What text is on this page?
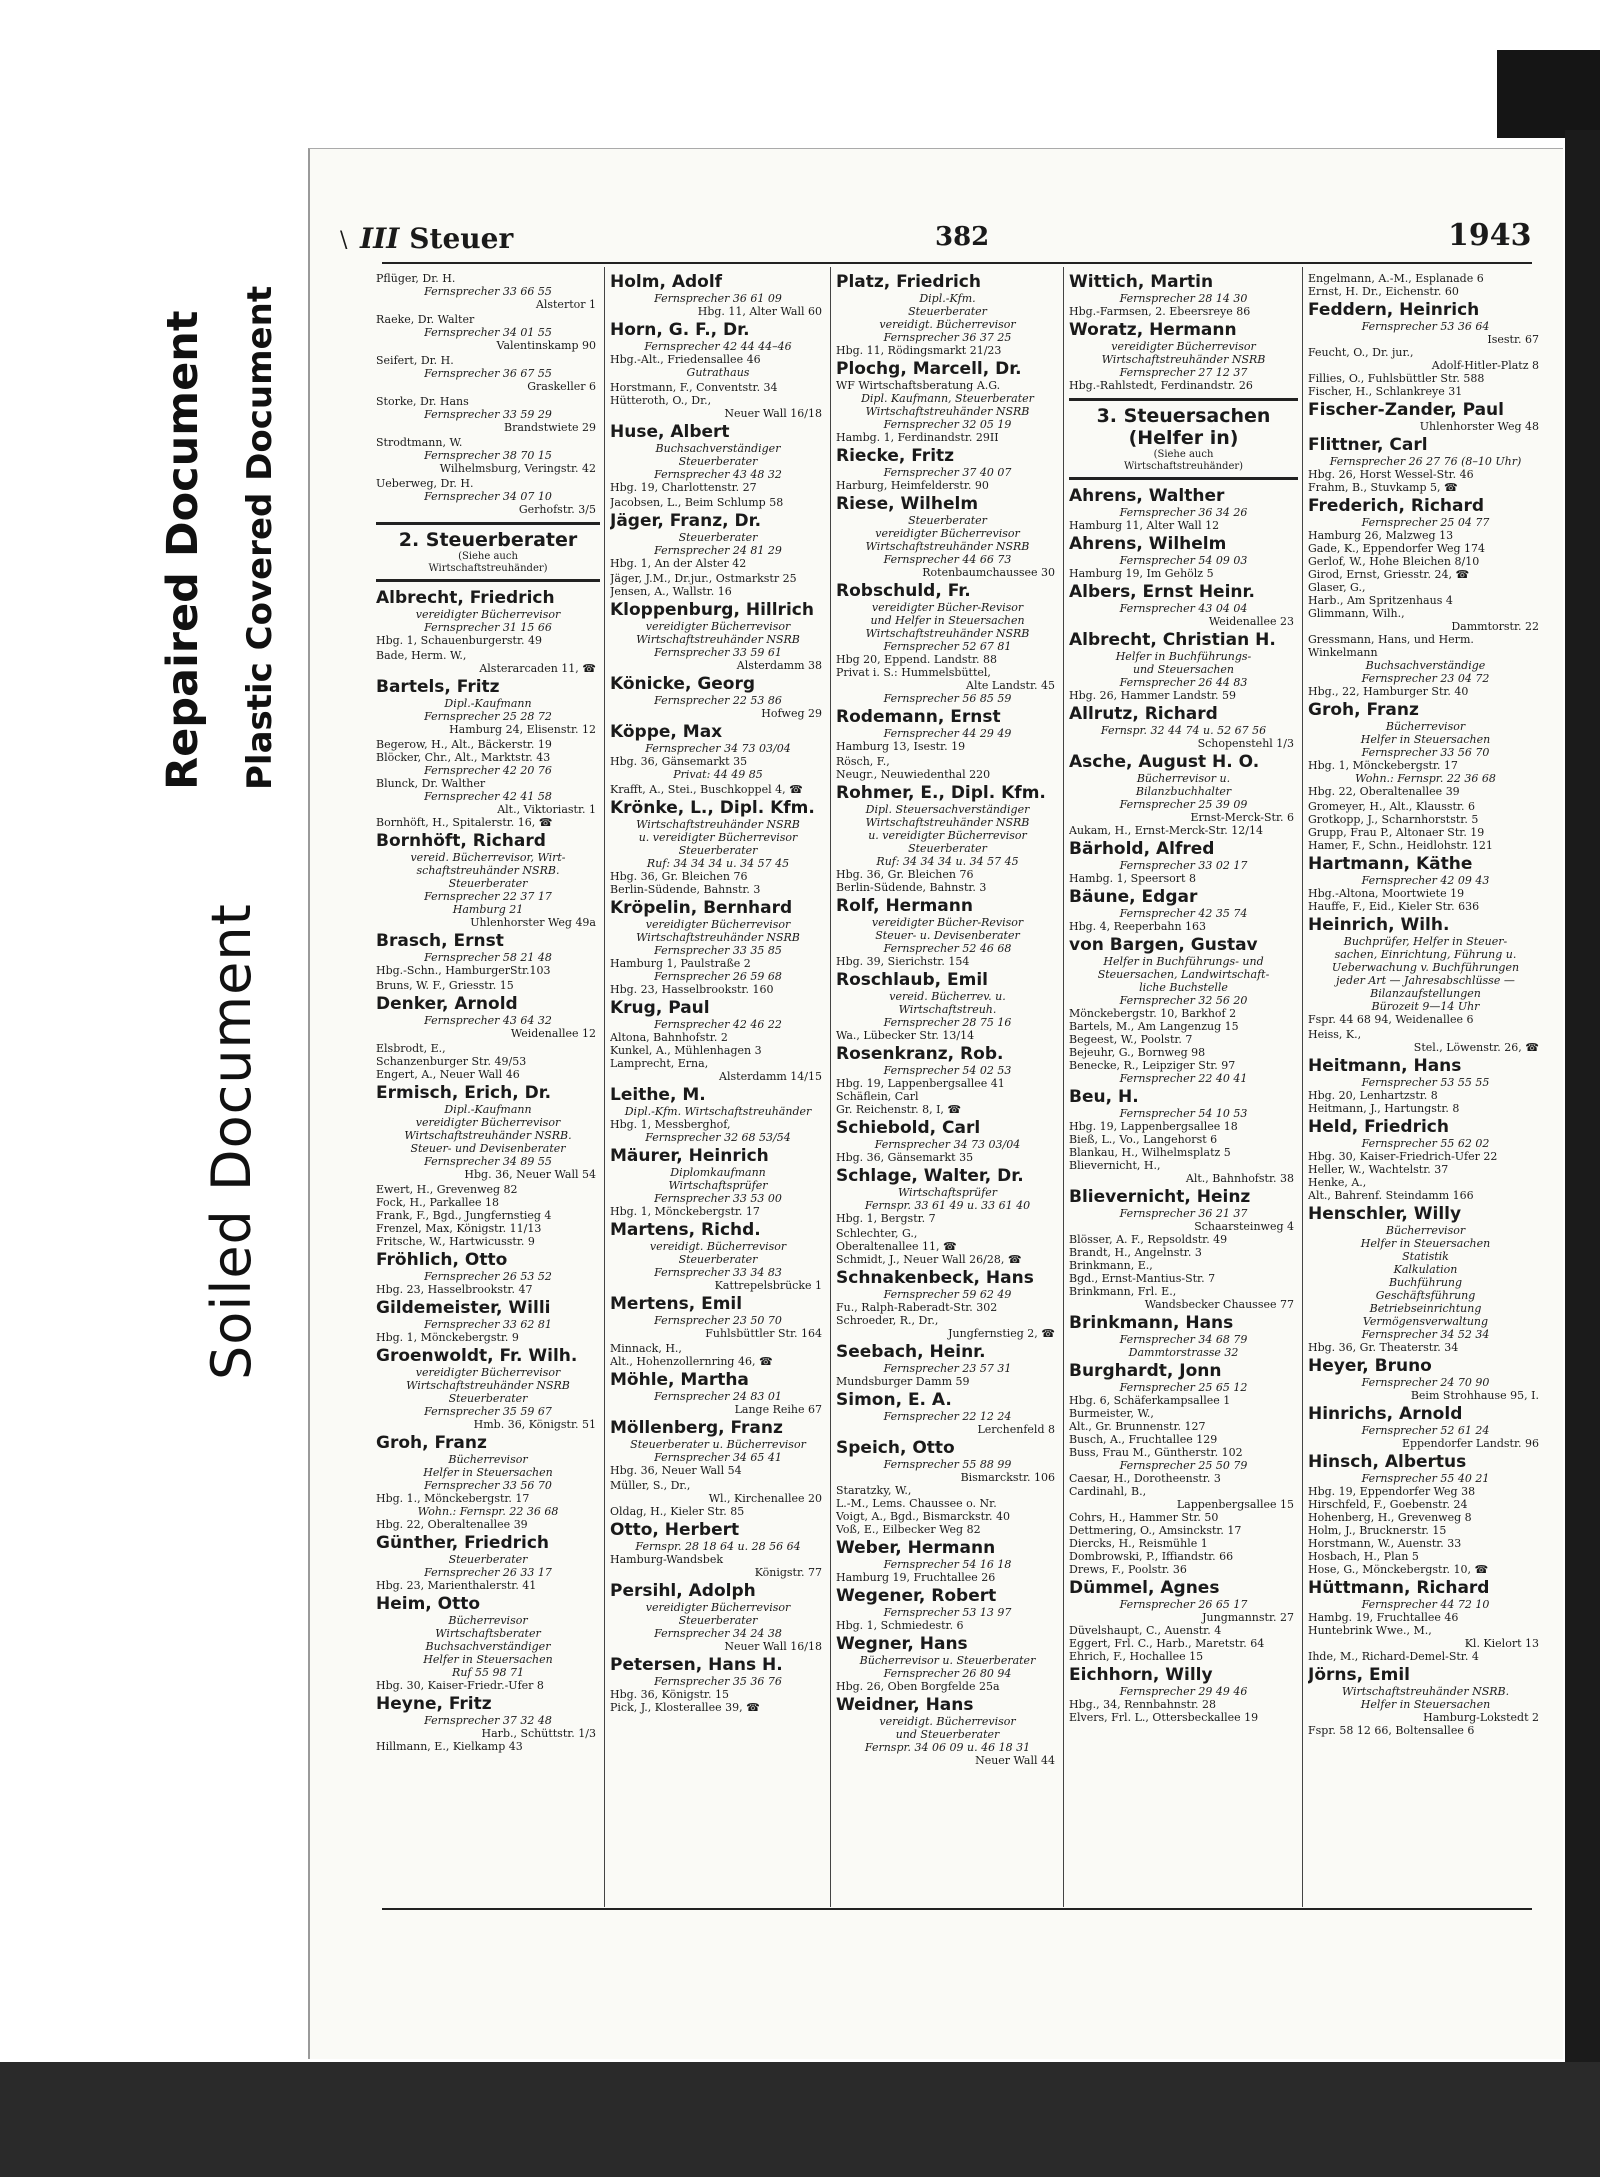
Repaired Document Plastic Covered Document
Soiled Document
\ III Steuer	382	1943
Pflüger, Dr. H.
Fernsprecher 33 66 55
Alstertor 1
Raeke, Dr. Walter
Fernsprecher 34 01 55
Valentinskamp 90
Seifert, Dr. H.
Fernsprecher 36 67 55
Graskeller 6
Storke, Dr. Hans
Fernsprecher 33 59 29
Brandstwiete 29
Strodtmann, W.
Fernsprecher 38 70 15
Wilhelmsburg, Veringstr. 42
Ueberweg, Dr. H.
Fernsprecher 34 07 10
Gerhofstr. 3/5
2. Steuerberater
(Siehe auch
Wirtschaftstreuhänder)
Albrecht, Friedrich
vereidigter Bücherrevisor
Fernsprecher 31 15 66
Hbg. 1, Schauenburgerstr. 49
Bade, Herm. W.,
Alsterarcaden 11, ☎
Bartels, Fritz
Dipl.-Kaufmann
Fernsprecher 25 28 72
Hamburg 24, Elisenstr. 12
Begerow, H., Alt., Bäckerstr. 19
Blöcker, Chr., Alt., Marktstr. 43
Fernsprecher 42 20 76
Blunck, Dr. Walther
Fernsprecher 42 41 58
Alt., Viktoriastr. 1
Bornhöft, H., Spitalerstr. 16, ☎
Bornhöft, Richard
vereid. Bücherrevisor, Wirt-
schaftstreuhänder NSRB.
Steuerberater
Fernsprecher 22 37 17
Hamburg 21
Uhlenhorster Weg 49a
Brasch, Ernst
Fernsprecher 58 21 48
Hbg.-Schn., HamburgerStr.103
Bruns, W. F., Griesstr. 15
Denker, Arnold
Fernsprecher 43 64 32
Weidenallee 12
Elsbrodt, E.,
Schanzenburger Str. 49/53
Engert, A., Neuer Wall 46
Ermisch, Erich, Dr.
Dipl.-Kaufmann
vereidigter Bücherrevisor
Wirtschaftstreuhänder NSRB.
Steuer- und Devisenberater
Fernsprecher 34 89 55
Hbg. 36, Neuer Wall 54
Ewert, H., Grevenweg 82
Fock, H., Parkallee 18
Frank, F., Bgd., Jungfernstieg 4
Frenzel, Max, Königstr. 11/13
Fritsche, W., Hartwicusstr. 9
Fröhlich, Otto
Fernsprecher 26 53 52
Hbg. 23, Hasselbrookstr. 47
Gildemeister, Willi
Fernsprecher 33 62 81
Hbg. 1, Mönckebergstr. 9
Groenwoldt, Fr. Wilh.
vereidigter Bücherrevisor
Wirtschaftstreuhänder NSRB
Steuerberater
Fernsprecher 35 59 67
Hmb. 36, Königstr. 51
Groh, Franz
Bücherrevisor
Helfer in Steuersachen
Fernsprecher 33 56 70
Hbg. 1., Mönckebergstr. 17
Wohn.: Fernspr. 22 36 68
Hbg. 22, Oberaltenallee 39
Günther, Friedrich
Steuerberater
Fernsprecher 26 33 17
Hbg. 23, Marienthalerstr. 41
Heim, Otto
Bücherrevisor
Wirtschaftsberater
Buchsachverständiger
Helfer in Steuersachen
Ruf 55 98 71
Hbg. 30, Kaiser-Friedr.-Ufer 8
Heyne, Fritz
Fernsprecher 37 32 48
Harb., Schüttstr. 1/3
Hillmann, E., Kielkamp 43
Holm, Adolf
Fernsprecher 36 61 09
Hbg. 11, Alter Wall 60
Horn, G. F., Dr.
Fernsprecher 42 44 44–46
Hbg.-Alt., Friedensallee 46
Gutrathaus
Horstmann, F., Conventstr. 34
Hütteroth, O., Dr.,
Neuer Wall 16/18
Huse, Albert
Buchsachverständiger
Steuerberater
Fernsprecher 43 48 32
Hbg. 19, Charlottenstr. 27
Jacobsen, L., Beim Schlump 58
Jäger, Franz, Dr.
Steuerberater
Fernsprecher 24 81 29
Hbg. 1, An der Alster 42
Jäger, J.M., Dr.jur., Ostmarkstr 25
Jensen, A., Wallstr. 16
Kloppenburg, Hillrich
vereidigter Bücherrevisor
Wirtschaftstreuhänder NSRB
Fernsprecher 33 59 61
Alsterdamm 38
Könicke, Georg
Fernsprecher 22 53 86
Hofweg 29
Köppe, Max
Fernsprecher 34 73 03/04
Hbg. 36, Gänsemarkt 35
Privat: 44 49 85
Krafft, A., Stei., Buschkoppel 4, ☎
Krönke, L., Dipl. Kfm.
Wirtschaftstreuhänder NSRB
u. vereidigter Bücherrevisor
Steuerberater
Ruf: 34 34 34 u. 34 57 45
Hbg. 36, Gr. Bleichen 76
Berlin-Südende, Bahnstr. 3
Kröpelin, Bernhard
vereidigter Bücherrevisor
Wirtschaftstreuhänder NSRB
Fernsprecher 33 35 85
Hamburg 1, Paulstraße 2
Fernsprecher 26 59 68
Hbg. 23, Hasselbrookstr. 160
Krug, Paul
Fernsprecher 42 46 22
Altona, Bahnhofstr. 2
Kunkel, A., Mühlenhagen 3
Lamprecht, Erna,
Alsterdamm 14/15
Leithe, M.
Dipl.-Kfm. Wirtschaftstreuhänder
Hbg. 1, Messberghof,
Fernsprecher 32 68 53/54
Mäurer, Heinrich
Diplomkaufmann
Wirtschaftsprüfer
Fernsprecher 33 53 00
Hbg. 1, Mönckebergstr. 17
Martens, Richd.
vereidigt. Bücherrevisor
Steuerberater
Fernsprecher 33 34 83
Kattrepelsbrücke 1
Mertens, Emil
Fernsprecher 23 50 70
Fuhlsbüttler Str. 164
Minnack, H.,
Alt., Hohenzollernring 46, ☎
Möhle, Martha
Fernsprecher 24 83 01
Lange Reihe 67
Möllenberg, Franz
Steuerberater u. Bücherrevisor
Fernsprecher 34 65 41
Hbg. 36, Neuer Wall 54
Müller, S., Dr.,
Wl., Kirchenallee 20
Oldag, H., Kieler Str. 85
Otto, Herbert
Fernspr. 28 18 64 u. 28 56 64
Hamburg-Wandsbek
Königstr. 77
Persihl, Adolph
vereidigter Bücherrevisor
Steuerberater
Fernsprecher 34 24 38
Neuer Wall 16/18
Petersen, Hans H.
Fernsprecher 35 36 76
Hbg. 36, Königstr. 15
Pick, J., Klosterallee 39, ☎
Platz, Friedrich
Dipl.-Kfm.
Steuerberater
vereidigt. Bücherrevisor
Fernsprecher 36 37 25
Hbg. 11, Rödingsmarkt 21/23
Plochg, Marcell, Dr.
WF Wirtschaftsberatung A.G.
Dipl. Kaufmann, Steuerberater
Wirtschaftstreuhänder NSRB
Fernsprecher 32 05 19
Hambg. 1, Ferdinandstr. 29II
Riecke, Fritz
Fernsprecher 37 40 07
Harburg, Heimfelderstr. 90
Riese, Wilhelm
Steuerberater
vereidigter Bücherrevisor
Wirtschaftstreuhänder NSRB
Fernsprecher 44 66 73
Rotenbaumchaussee 30
Robschuld, Fr.
vereidigter Bücher-Revisor
und Helfer in Steuersachen
Wirtschaftstreuhänder NSRB
Fernsprecher 52 67 81
Hbg 20, Eppend. Landstr. 88
Privat i. S.: Hummelsbüttel,
Alte Landstr. 45
Fernsprecher 56 85 59
Rodemann, Ernst
Fernsprecher 44 29 49
Hamburg 13, Isestr. 19
Rösch, F.,
Neugr., Neuwiedenthal 220
Rohmer, E., Dipl. Kfm.
Dipl. Steuersachverständiger
Wirtschaftstreuhänder NSRB
u. vereidigter Bücherrevisor
Steuerberater
Ruf: 34 34 34 u. 34 57 45
Hbg. 36, Gr. Bleichen 76
Berlin-Südende, Bahnstr. 3
Rolf, Hermann
vereidigter Bücher-Revisor
Steuer- u. Devisenberater
Fernsprecher 52 46 68
Hbg. 39, Sierichstr. 154
Roschlaub, Emil
vereid. Bücherrev. u.
Wirtschaftstreuh.
Fernsprecher 28 75 16
Wa., Lübecker Str. 13/14
Rosenkranz, Rob.
Fernsprecher 54 02 53
Hbg. 19, Lappenbergsallee 41
Schäflein, Carl
Gr. Reichenstr. 8, I, ☎
Schiebold, Carl
Fernsprecher 34 73 03/04
Hbg. 36, Gänsemarkt 35
Schlage, Walter, Dr.
Wirtschaftsprüfer
Fernspr. 33 61 49 u. 33 61 40
Hbg. 1, Bergstr. 7
Schlechter, G.,
Oberaltenallee 11, ☎
Schmidt, J., Neuer Wall 26/28, ☎
Schnakenbeck, Hans
Fernsprecher 59 62 49
Fu., Ralph-Raberadt-Str. 302
Schroeder, R., Dr.,
Jungfernstieg 2, ☎
Seebach, Heinr.
Fernsprecher 23 57 31
Mundsburger Damm 59
Simon, E. A.
Fernsprecher 22 12 24
Lerchenfeld 8
Speich, Otto
Fernsprecher 55 88 99
Bismarckstr. 106
Staratzky, W.,
L.-M., Lems. Chaussee o. Nr.
Voigt, A., Bgd., Bismarckstr. 40
Voß, E., Eilbecker Weg 82
Weber, Hermann
Fernsprecher 54 16 18
Hamburg 19, Fruchtallee 26
Wegener, Robert
Fernsprecher 53 13 97
Hbg. 1, Schmiedestr. 6
Wegner, Hans
Bücherrevisor u. Steuerberater
Fernsprecher 26 80 94
Hbg. 26, Oben Borgfelde 25a
Weidner, Hans
vereidigt. Bücherrevisor
und Steuerberater
Fernspr. 34 06 09 u. 46 18 31
Neuer Wall 44
Wittich, Martin
Fernsprecher 28 14 30
Hbg.-Farmsen, 2. Ebeersreye 86
Woratz, Hermann
vereidigter Bücherrevisor
Wirtschaftstreuhänder NSRB
Fernsprecher 27 12 37
Hbg.-Rahlstedt, Ferdinandstr. 26
3. Steuersachen (Helfer in)
(Siehe auch
Wirtschaftstreuhänder)
Ahrens, Walther
Fernsprecher 36 34 26
Hamburg 11, Alter Wall 12
Ahrens, Wilhelm
Fernsprecher 54 09 03
Hamburg 19, Im Gehölz 5
Albers, Ernst Heinr.
Fernsprecher 43 04 04
Weidenallee 23
Albrecht, Christian H.
Helfer in Buchführungs-
und Steuersachen
Fernsprecher 26 44 83
Hbg. 26, Hammer Landstr. 59
Allrutz, Richard
Fernspr. 32 44 74 u. 52 67 56
Schopenstehl 1/3
Asche, August H. O.
Bücherrevisor u.
Bilanzbuchhalter
Fernsprecher 25 39 09
Ernst-Merck-Str. 6
Aukam, H., Ernst-Merck-Str. 12/14
Bärhold, Alfred
Fernsprecher 33 02 17
Hambg. 1, Speersort 8
Bäune, Edgar
Fernsprecher 42 35 74
Hbg. 4, Reeperbahn 163
von Bargen, Gustav
Helfer in Buchführungs- und
Steuersachen, Landwirtschaft-
liche Buchstelle
Fernsprecher 32 56 20
Mönckebergstr. 10, Barkhof 2
Bartels, M., Am Langenzug 15
Begeest, W., Poolstr. 7
Bejeuhr, G., Bornweg 98
Benecke, R., Leipziger Str. 97
Fernsprecher 22 40 41
Beu, H.
Fernsprecher 54 10 53
Hbg. 19, Lappenbergsallee 18
Bieß, L., Vo., Langehorst 6
Blankau, H., Wilhelmsplatz 5
Blievernicht, H.,
Alt., Bahnhofstr. 38
Blievernicht, Heinz
Fernsprecher 36 21 37
Schaarsteinweg 4
Blösser, A. F., Repsoldstr. 49
Brandt, H., Angelnstr. 3
Brinkmann, E.,
Bgd., Ernst-Mantius-Str. 7
Brinkmann, Frl. E.,
Wandsbecker Chaussee 77
Brinkmann, Hans
Fernsprecher 34 68 79
Dammtorstrasse 32
Burghardt, Jonn
Fernsprecher 25 65 12
Hbg. 6, Schäferkampsallee 1
Burmeister, W.,
Alt., Gr. Brunnenstr. 127
Busch, A., Fruchtallee 129
Buss, Frau M., Güntherstr. 102
Fernsprecher 25 50 79
Caesar, H., Dorotheenstr. 3
Cardinahl, B.,
Lappenbergsallee 15
Cohrs, H., Hammer Str. 50
Dettmering, O., Amsinckstr. 17
Diercks, H., Reismühle 1
Dombrowski, P., Iffiandstr. 66
Drews, F., Poolstr. 36
Dümmel, Agnes
Fernsprecher 26 65 17
Jungmannstr. 27
Düvelshaupt, C., Auenstr. 4
Eggert, Frl. C., Harb., Maretstr. 64
Ehrich, F., Hochallee 15
Eichhorn, Willy
Fernsprecher 29 49 46
Hbg., 34, Rennbahnstr. 28
Elvers, Frl. L., Ottersbeckallee 19
Engelmann, A.-M., Esplanade 6
Ernst, H. Dr., Eichenstr. 60
Feddern, Heinrich
Fernsprecher 53 36 64
Isestr. 67
Feucht, O., Dr. jur.,
Adolf-Hitler-Platz 8
Fillies, O., Fuhlsbüttler Str. 588
Fischer, H., Schlankreye 31
Fischer-Zander, Paul
Uhlenhorster Weg 48
Flittner, Carl
Fernsprecher 26 27 76 (8–10 Uhr)
Hbg. 26, Horst Wessel-Str. 46
Frahm, B., Stuvkamp 5, ☎
Frederich, Richard
Fernsprecher 25 04 77
Hamburg 26, Malzweg 13
Gade, K., Eppendorfer Weg 174
Gerlof, W., Hohe Bleichen 8/10
Girod, Ernst, Griesstr. 24, ☎
Glaser, G.,
Harb., Am Spritzenhaus 4
Glimmann, Wilh.,
Dammtorstr. 22
Gressmann, Hans, und Herm.
Winkelmann
Buchsachverständige
Fernsprecher 23 04 72
Hbg., 22, Hamburger Str. 40
Groh, Franz
Bücherrevisor
Helfer in Steuersachen
Fernsprecher 33 56 70
Hbg. 1, Mönckebergstr. 17
Wohn.: Fernspr. 22 36 68
Hbg. 22, Oberaltenallee 39
Gromeyer, H., Alt., Klausstr. 6
Grotkopp, J., Scharnhorststr. 5
Grupp, Frau P., Altonaer Str. 19
Hamer, F., Schn., Heidlohstr. 121
Hartmann, Käthe
Fernsprecher 42 09 43
Hbg.-Altona, Moortwiete 19
Hauffe, F., Eid., Kieler Str. 636
Heinrich, Wilh.
Buchprüfer, Helfer in Steuer-
sachen, Einrichtung, Führung u.
Ueberwachung v. Buchführungen
jeder Art — Jahresabschlüsse —
Bilanzaufstellungen
Bürozeit 9—14 Uhr
Fspr. 44 68 94, Weidenallee 6
Heiss, K.,
Stel., Löwenstr. 26, ☎
Heitmann, Hans
Fernsprecher 53 55 55
Hbg. 20, Lenhartzstr. 8
Heitmann, J., Hartungstr. 8
Held, Friedrich
Fernsprecher 55 62 02
Hbg. 30, Kaiser-Friedrich-Ufer 22
Heller, W., Wachtelstr. 37
Henke, A.,
Alt., Bahrenf. Steindamm 166
Henschler, Willy
Bücherrevisor
Helfer in Steuersachen
Statistik
Kalkulation
Buchführung
Geschäftsführung
Betriebseinrichtung
Vermögensverwaltung
Fernsprecher 34 52 34
Hbg. 36, Gr. Theaterstr. 34
Heyer, Bruno
Fernsprecher 24 70 90
Beim Strohhause 95, I.
Hinrichs, Arnold
Fernsprecher 52 61 24
Eppendorfer Landstr. 96
Hinsch, Albertus
Fernsprecher 55 40 21
Hbg. 19, Eppendorfer Weg 38
Hirschfeld, F., Goebenstr. 24
Hohenberg, H., Grevenweg 8
Holm, J., Brucknerstr. 15
Horstmann, W., Auenstr. 33
Hosbach, H., Plan 5
Hose, G., Mönckebergstr. 10, ☎
Hüttmann, Richard
Fernsprecher 44 72 10
Hambg. 19, Fruchtallee 46
Huntebrink Wwe., M.,
Kl. Kielort 13
Ihde, M., Richard-Demel-Str. 4
Jörns, Emil
Wirtschaftstreuhänder NSRB.
Helfer in Steuersachen
Hamburg-Lokstedt 2
Fspr. 58 12 66, Boltensallee 6
